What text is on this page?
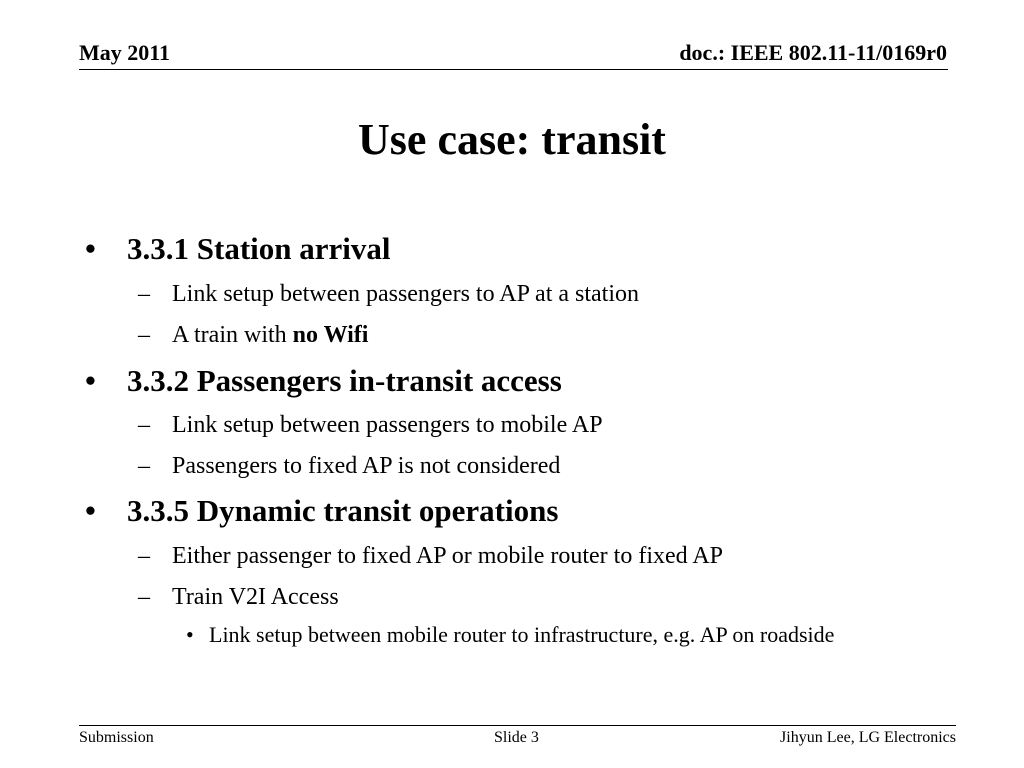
May 2011	doc.: IEEE 802.11-11/0169r0
Use case: transit
•	3.3.1 Station arrival
– Link setup between passengers to AP at a station
– A train with no Wifi
•	3.3.2 Passengers in-transit access
– Link setup between passengers to mobile AP
– Passengers to fixed AP is not considered
•	3.3.5 Dynamic transit operations
– Either passenger to fixed AP or mobile router to fixed AP
– Train V2I Access
• Link setup between mobile router to infrastructure, e.g. AP on roadside
Submission	Slide 3	Jihyun Lee, LG Electronics
